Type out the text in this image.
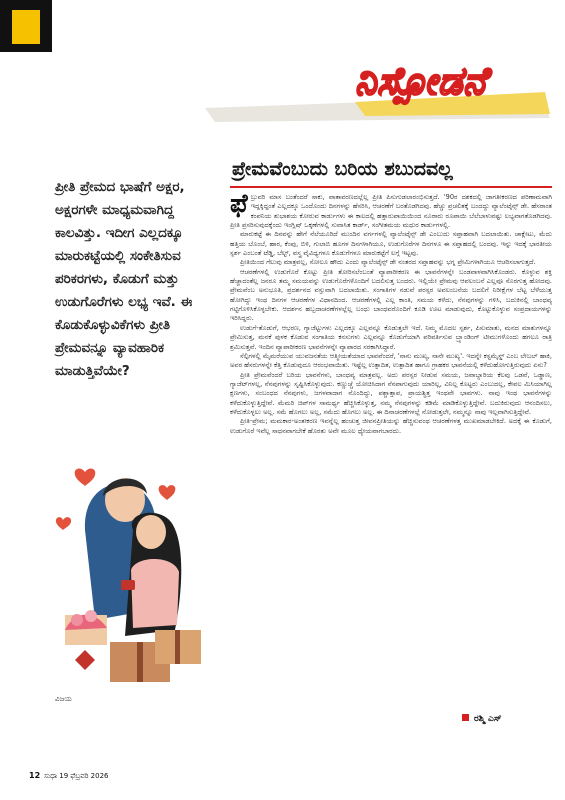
ನಿಸ್ಪೋಡನೆ
ಪ್ರೇಮವೆಂಬುದು ಬರಿಯ ಶಬುದವಲ್ಲ
ಪ್ರೀತಿ ಪ್ರೇಮದ ಭಾಷೆಗೆ ಅಕ್ಷರ, ಅಕ್ಷರಗಳೇ ಮಾಧ್ಯಮವಾಗಿದ್ದ ಕಾಲವಿತ್ತು. ಇದೀಗ ಎಲ್ಲದಕ್ಕೂ ಮಾರುಕಟ್ಟೆಯಲ್ಲಿ ಸಂಕೇತಿಸುವ ಪರಿಕರಗಳು, ಕೊಡುಗೆ ಮತ್ತು ಉಡುಗೊರೆಗಳು ಲಭ್ಯ ಇವೆ. ಈ ಕೊಡುಕೊಳ್ಳುವಿಕೆಗಳು ಪ್ರೀತಿ ಪ್ರೇಮವನ್ನೂ ವ್ಯಾವಹಾರಿಕ ಮಾಡುತ್ತಿವೆಯೇ?
ಫೆ ಬ್ರುವರಿ ಮಾಸ ಬಂತೆಂದರೆ ಸಾಕು, ವಾತಾವರಣದಲ್ಲೆಲ್ಲ ಪ್ರೀತಿ ಪಿಸುಗುಡಲಾರಂಭಿಸುತ್ತದೆ. '90ರ ದಶಕದಲ್ಲಿ ಜಾಗತೀಕರಣದ ಪರಿಣಾಮವಾಗಿ ಇದ್ದಕ್ಕಿದ್ದಂತೆ ಎಲ್ಲದಕ್ಕೂ ಒಂದೊಂದು ದಿನಗಳನ್ನು ಹೆಸರಿಸಿ, ಆಚರಣೆಗೆ ಬರತೊಡಗಿದವು. ಹೆಚ್ಚು ಪ್ರಚಲಿತಕ್ಕೆ ಬಂದದ್ದು ವ್ಯಾಲೆಂಟೈನ್ಸ್ ಡೇ. ಹೆಸರಾಂತ ಕಂಪನಿಯ ಶುಭಾಶಯ ಕೋರುವ ಕಾರ್ಡುಗಳು ಈ ಕಾಲದಲ್ಲಿ ಹತ್ತಾರುಪಾಯಿಯಿಂದ ನೂರಾರು ರೂಪಾಯಿ ಬೆಲೆಬಾಳುವಷ್ಟು ಲಭ್ಯವಾಗತೊಡಗಿದವು. ಪ್ರೀತಿ ಪ್ರಸರಿಸುವುದಕ್ಕೆಂದು ಇಂಗ್ಲಿಷ್ ಒಕ್ಕಣೆಗಳಲ್ಲಿ ಸುವಾಸಿತ ಕಾರ್ಡ್, ಸಂಗೀತಮಯ ಮಧುರ ಕಾರ್ಡುಗಳಲ್ಲಿ.

ಮಾರುಕಟ್ಟೆ ಈ ದಿನವನ್ನು ಹೇಗೆ ನೆಲೆಯೂರಿದೆ ಮುಂದಿನ ವರ್ಗಗಳಲ್ಲಿ ವ್ಯಾಲೆಂಟೈನ್ಸ್ ಡೇ ಎಂಬುದು ಸಪ್ತಾಹವಾಗಿ ಬದಲಾಯಿತು. ಚಾಕ್ಲೇಟು, ಮೆದು ಹತ್ತಿಯ ಬೊಂಬೆ, ಹಾರ, ಕೆಂಪು, ಬಿಳಿ, ಗುಲಾಬಿ ಹೂಗಳ ದಿನಗಳಾಗಿಯೂ, ಉಡುಗೊರೆಗಳ ದಿನಗಳೂ ಈ ಸಪ್ತಾಹದಲ್ಲಿ ಬಂದವು. ಇನ್ನು ಇದಕ್ಕೆ ಭಾರತೀಯ ಸ್ಪರ್ಶ ಎಂಬಂತೆ ಟೆಡ್ಡಿ, ಬೆಲ್ಟ್, ವಸ್ತ್ರ ವೈವಿಧ್ಯಗಳೂ ಕೊಡುಗೆಗಳೂ ಮಾರುಕಟ್ಟೆಗೆ ಲಗ್ಗೆ ಇಟ್ಟವು.

ಪ್ರೀತಿಯಿಂದ ಗೆಲುವು ಮಾತ್ರವಲ್ಲ, ಸೋಲೂ ಹೌದು ಎಂದು ವ್ಯಾಲೆಂಟೈನ್ಸ್ ಡೇ ನಂತರದ ಸಪ್ತಾಹವನ್ನು ಭಗ್ನ ಪ್ರೇಮಿಗಳಾಗಿಯೂ ಆಚರಿಸಲಾಗುತ್ತದೆ.

ಆಚರಣೆಗಳಲ್ಲಿ ಉಡುಗೊರೆ ಕೊಟ್ಟು ಪ್ರೀತಿ ತೋರಿಸಲೆಂಬಂತೆ ವ್ಯಾಪಾರೀಕರಣ ಈ ಭಾವನೆಗಳನ್ನೇ ಬಂಡವಾಳವಾಗಿಸಿಕೊಂಡರು. ಕೊಳ್ಳುವ ಶಕ್ತಿ ಹೆಚ್ಚಾದಂತೆಲ್ಲ ಜನರೂ ತಮ್ಮ ಸಮಯವನ್ನು ಉಡುಗೊರೆಗಳೊಂದಿಗೆ ಬದಲಿಸುತ್ತ ಬಂದರು. ಇಲ್ಲಿಯೇ ಪ್ರೇಮವು ಆಪಲಂಬನೆ ಎಲ್ಲವೂ ಸೊರಗುತ್ತ ಹೋದವು. ಪ್ರೇಮವೆಂಬ ಅನುಭೂತಿ, ಪ್ರದರ್ಶನದ ವಸ್ತುವಾಗಿ ಬದಲಾಯಿತು. ಸಂಗಾತಿಗಳ ನಡುವೆ ಪರಸ್ಪರ ಅವಲಂಬನೆಯ ಬದಲಿಗೆ ನಿರೀಕ್ಷೆಗಳ ಬೆಟ್ಟ ಬೆಳೆಯುತ್ತ ಹೋಗಿದ್ದು ಇಂಥ ದಿನಗಳ ಆಚರಣೆಗಳ ವಿಧಾನದಿಂದ. ಆಚರಣೆಗಳಲ್ಲಿ ಎಲ್ಲ ಕಾಂತಿ, ಸಮಯ ಕಳೆದು, ನೆನಪುಗಳನ್ನು ಗಳಿಸಿ, ಬದುಕಿನಲ್ಲಿ ಬಾಂಧವ್ಯ ಗಟ್ಟಿಗೊಳಿಸಿಕೊಳ್ಳಬೇಕು. ಆದರ್ಶನ ಹಬ್ಬದಾಚರಣೆಗಳಲ್ಲೆಲ್ಲ ಬಂಧು ಬಾಂಧವರೊಂದಿಗೆ ಕೂಡಿ ಊಟ ಮಾಡುವುದು, ಕೊಟ್ಟುಕೊಳ್ಳುವ ಸಂಪ್ರದಾಯಗಳನ್ನು ಇರಿಸಿದ್ದರು.

ಉಡುಗೆ-ತೊಡುಗೆ, ಆಭರಣ, ಗ್ಯಾಜೆಟ್ಟುಗಳು ಎಲ್ಲದಕ್ಕೂ ಎಲ್ಲವನ್ನೂ ಕೊಡುತ್ತಲೇ ಇದೆ. ನಿಮ್ಮ ಮೊದಲ ಸ್ಪರ್ಶ, ಪಿಸುಮಾತು, ಮನದ ಮಾತುಗಳನ್ನೂ ಪ್ರೇಮಿಸುತ್ತ, ಮನಕೆ ಪುಳಕ ಕೊಡುವ ಸಂಗಾತಿಯ ಕನಸುಗಳು ಎಲ್ಲವನ್ನೂ ಕೊಡುಗೆಯಾಗಿ ಪರಿವರ್ತಿಸುವ ಬ್ರ್ಯಾಂಡಿಂಗ್ ಟೀಮುಗಳೊಂದು ಹಗಲೂ ರಾತ್ರಿ ಶ್ರಮಿಸುತ್ತವೆ. ಇಂದಿನ ವ್ಯಾಪಾರೀಕರಣ ಭಾವನೆಗಳನ್ನೇ ವ್ಯಾಪಾರದ ಸರಕಾಗಿಸಿದ್ದಾರೆ.

ಸೆಲ್ಫಿಗಳಲ್ಲಿ ಮೈಮರೆಯುವ ಯುವಜನತೆಯ ಆತ್ಮೀಯತೆಯಾದ ಭಾವವೆಂದರೆ, 'ನಾನು ಮುಖ್ಯ, ನಾನೇ ಮುಖ್ಯ'. ಇದನ್ನೇ ಕಸ್ಟಮೈಸ್ಡ್ ಎಂಬ ಲೇಬಲ್ ಹಾಕಿ, ಅವರ ಹೆಸರುಗಳನ್ನೇ ಕೆತ್ತಿ ಕೊಡುವುದೂ ಆರಂಭವಾಯಿತು. ಇಷ್ಟೆಲ್ಲ ಉತ್ಪಾದಿತ, ಉತ್ಪಾದಿತ ಹಾಗೂ ಗ್ರಾಹಕರ ಭಾವನೆಯಲ್ಲಿ ಕಳೆದುಹೋಗುತ್ತಿರುವುದು ಏನು?

ಪ್ರೀತಿ ಪ್ರೇಮವೆಂದರೆ ಬರಿಯ ಭಾವನೆಗಳು, ಬಾಂಧವ್ಯ ಮಾತ್ರವಲ್ಲ. ಅದು ಪರಸ್ಪರ ನೀಡುವ ಸಮಯ, ಜವಾಬ್ದಾರಿಯ ಕೆಲವು ಒಡವೆ, ಒಡ್ಡಾಣ, ಗ್ಯಾಜೆಟ್‌ಗಳಲ್ಲ, ನೆನಪುಗಳನ್ನು ಸೃಷ್ಟಿಸಿಕೊಳ್ಳುವುದು. ಕಣ್ಣುಚ್ಚೆ ಯೋಚಿಸಿದಾಗ ನೆನಪಾಗುವುದು ಯಾರಿಲ್ಲ, ವಿನಿಲ್ಲ ಕೊಟ್ಟರು ಎಂಬುದಲ್ಲ, ಕೇವಲ ಮಿಸಿಯಾಗಿಲ್ಲ ಕ್ಷಣಗಳು, ಸಂಬಂಧದ ನೆನಪುಗಳು, ಜಗಳವಾದಾಗ ನೊಂದಿದ್ದು, ಪಶ್ಚಾತ್ತಾಪ, ಪ್ರಾಯಶ್ಚಿತ್ತ ಇಂಥವೇ ಭಾವಗಳು. ನಾವು ಇಂಥ ಭಾವನೆಗಳನ್ನು ಕಳೆದುಕೊಳ್ಳುತ್ತಿದ್ದೇವೆ. ಮೆಮರಿ ಚಿಪ್‌ಗಳ ಸಾಮರ್ಥ್ಯ ಹೆಚ್ಚಿಸಿಕೊಳ್ಳುತ್ತ, ನಮ್ಮ ನೆನಪುಗಳನ್ನು ಕಡಿಮೆ ಮಾಡಿಕೊಳ್ಳುತ್ತಿದ್ದೇವೆ. ಬದುಕಿರುವುದು ಆನಂದಿಸಲು, ಕಳೆದುಕೊಳ್ಳಲು ಅಲ್ಲ. ಸಮೆ ಹೊಗಲು ಅಲ್ಲ, ಸಮೆದು ಹೊಗಲು ಅಲ್ಲ. ಈ ದಿನಾಚರಣೆಗಳಲ್ಲೆ ನೋಡುತ್ತಲೇ, ನಮ್ಮನ್ನೂ ನಾವು ಇಲ್ಲವಾಗಿಸುತ್ತಿದ್ದೇವೆ.

ಪ್ರೀತಿ-ಪ್ರೇಮ; ಮಮಕಾರ-ಅಂತಃಕರಣ ಇವನ್ನೆಲ್ಲ ಹಂಚುತ್ತ ಜೀವನಪ್ರೀತಿಯನ್ನು ಹೆಚ್ಚಿಸುವಂಥ ಆಚರಣೆಗಳತ್ತ ಮುಖಮಾಡಬೇಕಿದೆ. ಅದಕ್ಕೆ ಈ ಕೊಡುಗೆ, ಉಡುಗೊರೆ ಇವೆಲ್ಲ ಸಾಧನವಾಗಬೇಕೆ ಹೊರತು ಅವೇ ಮೂಲ ಧ್ಯೇಯವಾಗಬಾರದು.

ವಿಜಯ
ರಶ್ಮಿ ಎಸ್
12 ಸುಧಾ 19 ಫೆಬ್ರವರಿ 2026
